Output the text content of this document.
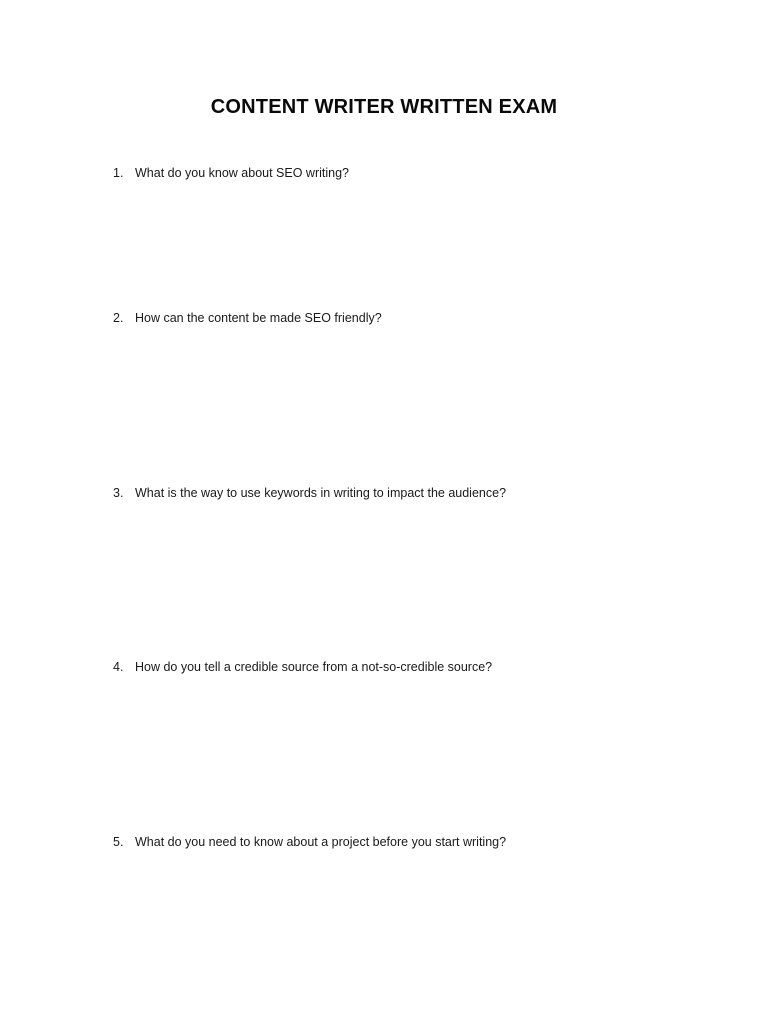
CONTENT WRITER WRITTEN EXAM
1. What do you know about SEO writing?
2. How can the content be made SEO friendly?
3. What is the way to use keywords in writing to impact the audience?
4. How do you tell a credible source from a not-so-credible source?
5. What do you need to know about a project before you start writing?
